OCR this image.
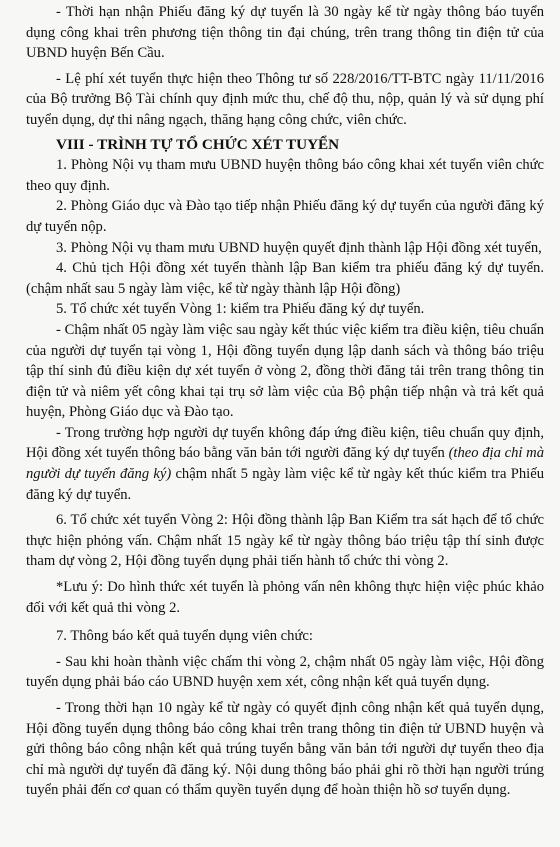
- Thời hạn nhận Phiếu đăng ký dự tuyển là 30 ngày kể từ ngày thông báo tuyển dụng công khai trên phương tiện thông tin đại chúng, trên trang thông tin điện tử của UBND huyện Bến Cầu.

- Lệ phí xét tuyển thực hiện theo Thông tư số 228/2016/TT-BTC ngày 11/11/2016 của Bộ trưởng Bộ Tài chính quy định mức thu, chế độ thu, nộp, quản lý và sử dụng phí tuyển dụng, dự thi nâng ngạch, thăng hạng công chức, viên chức.

VIII - TRÌNH TỰ TỔ CHỨC XÉT TUYỂN

1. Phòng Nội vụ tham mưu UBND huyện thông báo công khai xét tuyển viên chức theo quy định.

2. Phòng Giáo dục và Đào tạo tiếp nhận Phiếu đăng ký dự tuyển của người đăng ký dự tuyển nộp.

3. Phòng Nội vụ tham mưu UBND huyện quyết định thành lập Hội đồng xét tuyển,

4. Chủ tịch Hội đồng xét tuyển thành lập Ban kiểm tra phiếu đăng ký dự tuyển. (chậm nhất sau 5 ngày làm việc, kể từ ngày thành lập Hội đồng)

5. Tổ chức xét tuyển Vòng 1: kiểm tra Phiếu đăng ký dự tuyển.

- Chậm nhất 05 ngày làm việc sau ngày kết thúc việc kiểm tra điều kiện, tiêu chuẩn của người dự tuyển tại vòng 1, Hội đồng tuyển dụng lập danh sách và thông báo triệu tập thí sinh đủ điều kiện dự xét tuyển ở vòng 2, đồng thời đăng tải trên trang thông tin điện tử và niêm yết công khai tại trụ sở làm việc của Bộ phận tiếp nhận và trả kết quả huyện, Phòng Giáo dục và Đào tạo.

- Trong trường hợp người dự tuyển không đáp ứng điều kiện, tiêu chuẩn quy định, Hội đồng xét tuyển thông báo bằng văn bản tới người đăng ký dự tuyển (theo địa chỉ mà người dự tuyển đăng ký) chậm nhất 5 ngày làm việc kể từ ngày kết thúc kiểm tra Phiếu đăng ký dự tuyển.

6. Tổ chức xét tuyển Vòng 2: Hội đồng thành lập Ban Kiểm tra sát hạch để tổ chức thực hiện phỏng vấn. Chậm nhất 15 ngày kể từ ngày thông báo triệu tập thí sinh được tham dự vòng 2, Hội đồng tuyển dụng phải tiến hành tổ chức thi vòng 2.

*Lưu ý: Do hình thức xét tuyển là phỏng vấn nên không thực hiện việc phúc khảo đối với kết quả thi vòng 2.

7. Thông báo kết quả tuyển dụng viên chức:

- Sau khi hoàn thành việc chấm thi vòng 2, chậm nhất 05 ngày làm việc, Hội đồng tuyển dụng phải báo cáo UBND huyện xem xét, công nhận kết quả tuyển dụng.

- Trong thời hạn 10 ngày kể từ ngày có quyết định công nhận kết quả tuyển dụng, Hội đồng tuyển dụng thông báo công khai trên trang thông tin điện tử UBND huyện và gửi thông báo công nhận kết quả trúng tuyển bằng văn bản tới người dự tuyển theo địa chỉ mà người dự tuyển đã đăng ký. Nội dung thông báo phải ghi rõ thời hạn người trúng tuyển phải đến cơ quan có thẩm quyền tuyển dụng để hoàn thiện hồ sơ tuyển dụng.
